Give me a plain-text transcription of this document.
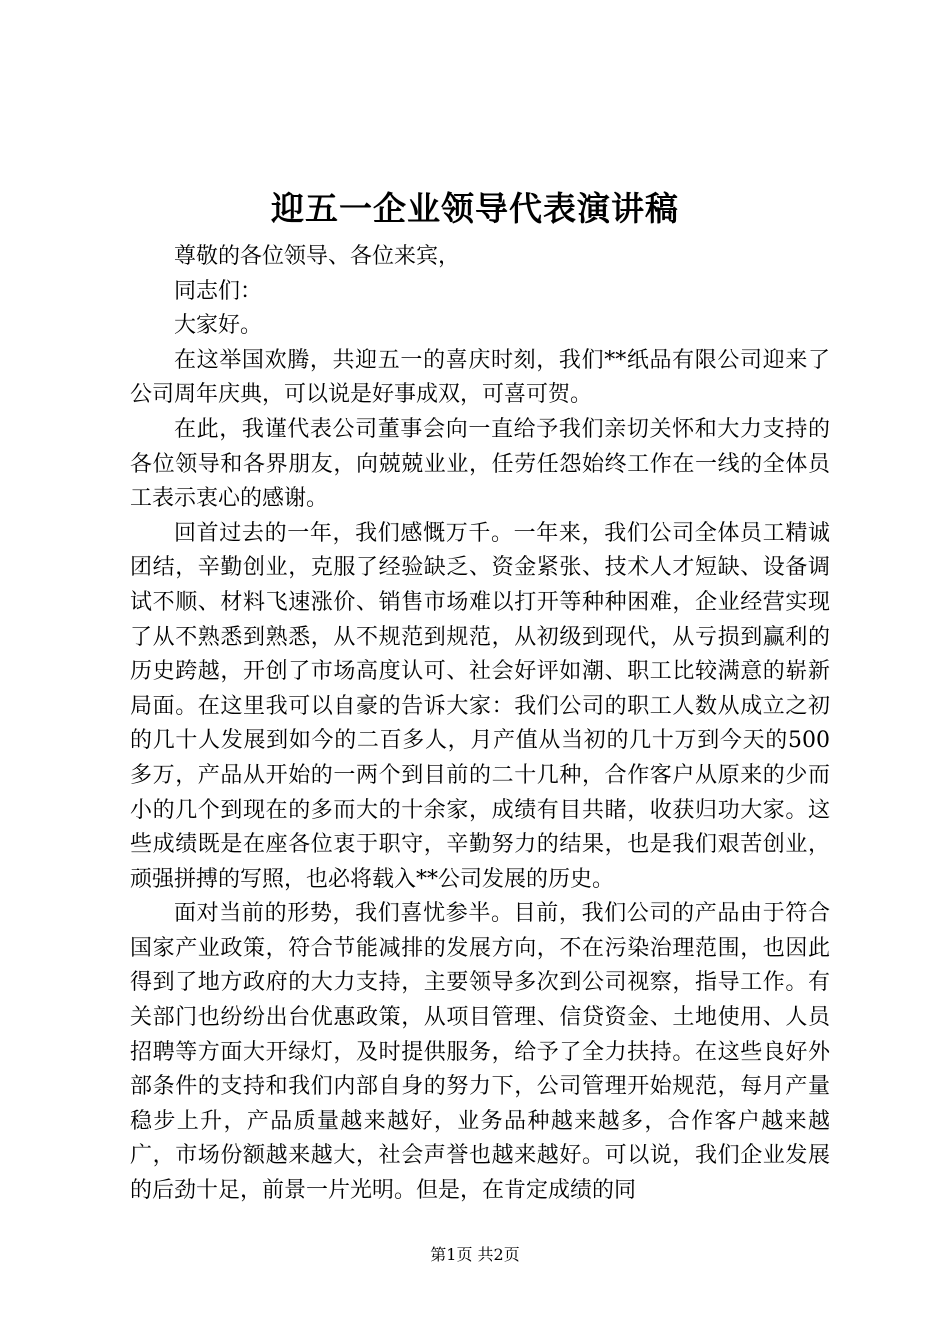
迎五一企业领导代表演讲稿

尊敬的各位领导、各位来宾，

同志们：

大家好。

在这举国欢腾，共迎五一的喜庆时刻，我们**纸品有限公司迎来了公司周年庆典，可以说是好事成双，可喜可贺。

在此，我谨代表公司董事会向一直给予我们亲切关怀和大力支持的各位领导和各界朋友，向兢兢业业，任劳任怨始终工作在一线的全体员工表示衷心的感谢。

回首过去的一年，我们感慨万千。一年来，我们公司全体员工精诚团结，辛勤创业，克服了经验缺乏、资金紧张、技术人才短缺、设备调试不顺、材料飞速涨价、销售市场难以打开等种种困难，企业经营实现了从不熟悉到熟悉，从不规范到规范，从初级到现代，从亏损到赢利的历史跨越，开创了市场高度认可、社会好评如潮、职工比较满意的崭新局面。在这里我可以自豪的告诉大家：我们公司的职工人数从成立之初的几十人发展到如今的二百多人，月产值从当初的几十万到今天的500多万，产品从开始的一两个到目前的二十几种，合作客户从原来的少而小的几个到现在的多而大的十余家，成绩有目共睹，收获归功大家。这些成绩既是在座各位衷于职守，辛勤努力的结果，也是我们艰苦创业，顽强拼搏的写照，也必将载入**公司发展的历史。

面对当前的形势，我们喜忧参半。目前，我们公司的产品由于符合国家产业政策，符合节能减排的发展方向，不在污染治理范围，也因此得到了地方政府的大力支持，主要领导多次到公司视察，指导工作。有关部门也纷纷出台优惠政策，从项目管理、信贷资金、土地使用、人员招聘等方面大开绿灯，及时提供服务，给予了全力扶持。在这些良好外部条件的支持和我们内部自身的努力下，公司管理开始规范，每月产量稳步上升，产品质量越来越好，业务品种越来越多，合作客户越来越广，市场份额越来越大，社会声誉也越来越好。可以说，我们企业发展的后劲十足，前景一片光明。但是，在肯定成绩的同

第1页 共2页
